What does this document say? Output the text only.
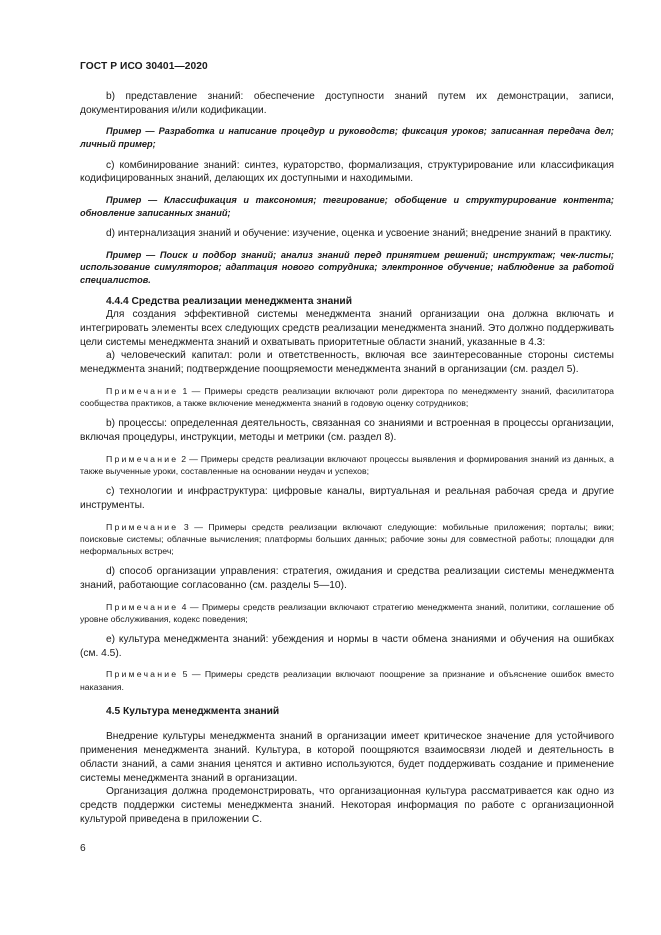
ГОСТ Р ИСО 30401—2020

b) представление знаний: обеспечение доступности знаний путем их демонстрации, записи, документирования и/или кодификации.

Пример — Разработка и написание процедур и руководств; фиксация уроков; записанная передача дел; личный пример;

c) комбинирование знаний: синтез, кураторство, формализация, структурирование или классификация кодифицированных знаний, делающих их доступными и находимыми.

Пример — Классификация и таксономия; тегирование; обобщение и структурирование контента; обновление записанных знаний;

d) интернализация знаний и обучение: изучение, оценка и усвоение знаний; внедрение знаний в практику.

Пример — Поиск и подбор знаний; анализ знаний перед принятием решений; инструктаж; чек-листы; использование симуляторов; адаптация нового сотрудника; электронное обучение; наблюдение за работой специалистов.

4.4.4 Средства реализации менеджмента знаний

Для создания эффективной системы менеджмента знаний организации она должна включать и интегрировать элементы всех следующих средств реализации менеджмента знаний. Это должно поддерживать цели системы менеджмента знаний и охватывать приоритетные области знаний, указанные в 4.3:

a) человеческий капитал: роли и ответственность, включая все заинтересованные стороны системы менеджмента знаний; подтверждение поощряемости менеджмента знаний в организации (см. раздел 5).

Примечание 1 — Примеры средств реализации включают роли директора по менеджменту знаний, фасилитатора сообщества практиков, а также включение менеджмента знаний в годовую оценку сотрудников;

b) процессы: определенная деятельность, связанная со знаниями и встроенная в процессы организации, включая процедуры, инструкции, методы и метрики (см. раздел 8).

Примечание 2 — Примеры средств реализации включают процессы выявления и формирования знаний из данных, а также выученные уроки, составленные на основании неудач и успехов;

c) технологии и инфраструктура: цифровые каналы, виртуальная и реальная рабочая среда и другие инструменты.

Примечание 3 — Примеры средств реализации включают следующие: мобильные приложения; порталы; вики; поисковые системы; облачные вычисления; платформы больших данных; рабочие зоны для совместной работы; площадки для неформальных встреч;

d) способ организации управления: стратегия, ожидания и средства реализации системы менеджмента знаний, работающие согласованно (см. разделы 5—10).

Примечание 4 — Примеры средств реализации включают стратегию менеджмента знаний, политики, соглашение об уровне обслуживания, кодекс поведения;

e) культура менеджмента знаний: убеждения и нормы в части обмена знаниями и обучения на ошибках (см. 4.5).

Примечание 5 — Примеры средств реализации включают поощрение за признание и объяснение ошибок вместо наказания.

4.5 Культура менеджмента знаний

Внедрение культуры менеджмента знаний в организации имеет критическое значение для устойчивого применения менеджмента знаний. Культура, в которой поощряются взаимосвязи людей и деятельность в области знаний, а сами знания ценятся и активно используются, будет поддерживать создание и применение системы менеджмента знаний в организации.

Организация должна продемонстрировать, что организационная культура рассматривается как одно из средств поддержки системы менеджмента знаний. Некоторая информация по работе с организационной культурой приведена в приложении С.

6
